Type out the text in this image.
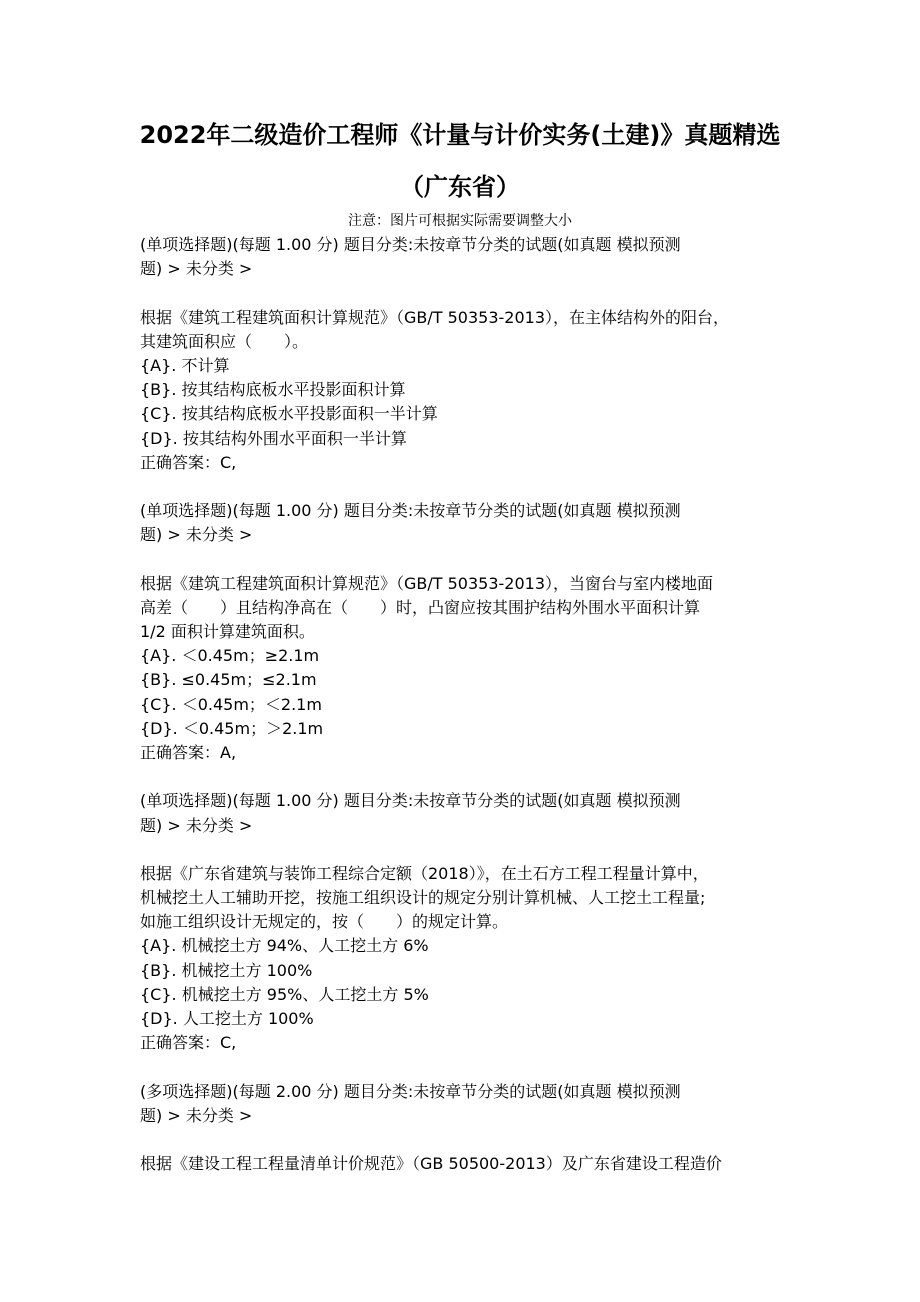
2022年二级造价工程师《计量与计价实务(土建)》真题精选
（广东省）
注意：图片可根据实际需要调整大小
(单项选择题)(每题 1.00 分) 题目分类:未按章节分类的试题(如真题 模拟预测
题) > 未分类 >
根据《建筑工程建筑面积计算规范》（GB/T 50353-2013），在主体结构外的阳台，
其建筑面积应（　　）。
{A}. 不计算
{B}. 按其结构底板水平投影面积计算
{C}. 按其结构底板水平投影面积一半计算
{D}. 按其结构外围水平面积一半计算
正确答案：C,
(单项选择题)(每题 1.00 分) 题目分类:未按章节分类的试题(如真题 模拟预测
题) > 未分类 >
根据《建筑工程建筑面积计算规范》（GB/T 50353-2013），当窗台与室内楼地面
高差（　　）且结构净高在（　　）时，凸窗应按其围护结构外围水平面积计算
1/2 面积计算建筑面积。
{A}. ＜0.45m；≥2.1m
{B}. ≤0.45m；≤2.1m
{C}. ＜0.45m；＜2.1m
{D}. ＜0.45m；＞2.1m
正确答案：A,
(单项选择题)(每题 1.00 分) 题目分类:未按章节分类的试题(如真题 模拟预测
题) > 未分类 >
根据《广东省建筑与装饰工程综合定额（2018）》，在土石方工程工程量计算中，
机械挖土人工辅助开挖，按施工组织设计的规定分别计算机械、人工挖土工程量;
如施工组织设计无规定的，按（　　）的规定计算。
{A}. 机械挖土方 94%、人工挖土方 6%
{B}. 机械挖土方 100%
{C}. 机械挖土方 95%、人工挖土方 5%
{D}. 人工挖土方 100%
正确答案：C,
(多项选择题)(每题 2.00 分) 题目分类:未按章节分类的试题(如真题 模拟预测
题) > 未分类 >
根据《建设工程工程量清单计价规范》（GB 50500-2013）及广东省建设工程造价
